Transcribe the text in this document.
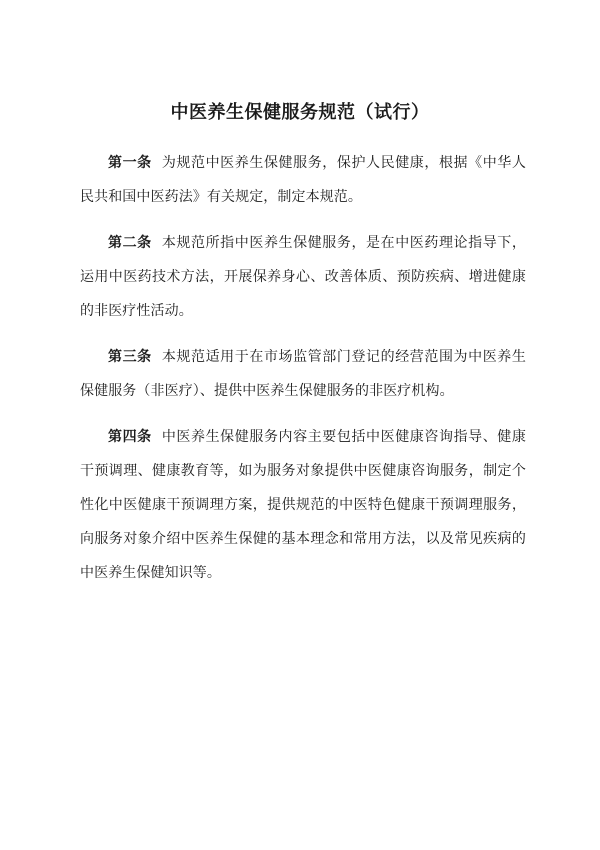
中医养生保健服务规范（试行）

第一条 为规范中医养生保健服务，保护人民健康，根据《中华人民共和国中医药法》有关规定，制定本规范。

第二条 本规范所指中医养生保健服务，是在中医药理论指导下，运用中医药技术方法，开展保养身心、改善体质、预防疾病、增进健康的非医疗性活动。

第三条 本规范适用于在市场监管部门登记的经营范围为中医养生保健服务（非医疗）、提供中医养生保健服务的非医疗机构。

第四条 中医养生保健服务内容主要包括中医健康咨询指导、健康干预调理、健康教育等，如为服务对象提供中医健康咨询服务，制定个性化中医健康干预调理方案，提供规范的中医特色健康干预调理服务，向服务对象介绍中医养生保健的基本理念和常用方法，以及常见疾病的中医养生保健知识等。
